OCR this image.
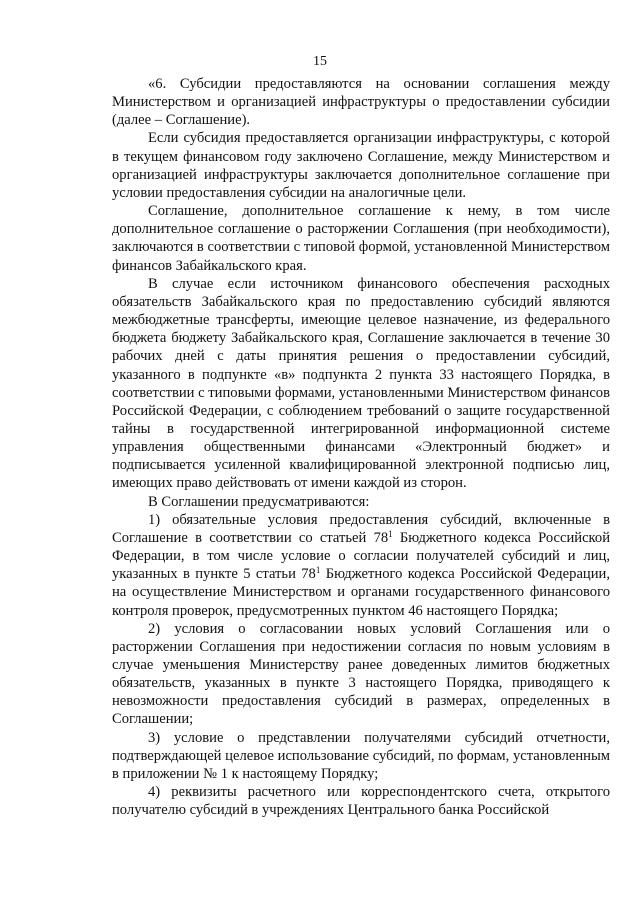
15

«6. Субсидии предоставляются на основании соглашения между Министерством и организацией инфраструктуры о предоставлении субсидии (далее – Соглашение).

Если субсидия предоставляется организации инфраструктуры, с которой в текущем финансовом году заключено Соглашение, между Министерством и организацией инфраструктуры заключается дополнительное соглашение при условии предоставления субсидии на аналогичные цели.

Соглашение, дополнительное соглашение к нему, в том числе дополнительное соглашение о расторжении Соглашения (при необходимости), заключаются в соответствии с типовой формой, установленной Министерством финансов Забайкальского края.

В случае если источником финансового обеспечения расходных обязательств Забайкальского края по предоставлению субсидий являются межбюджетные трансферты, имеющие целевое назначение, из федерального бюджета бюджету Забайкальского края, Соглашение заключается в течение 30 рабочих дней с даты принятия решения о предоставлении субсидий, указанного в подпункте «в» подпункта 2 пункта 33 настоящего Порядка, в соответствии с типовыми формами, установленными Министерством финансов Российской Федерации, с соблюдением требований о защите государственной тайны в государственной интегрированной информационной системе управления общественными финансами «Электронный бюджет» и подписывается усиленной квалифицированной электронной подписью лиц, имеющих право действовать от имени каждой из сторон.

В Соглашении предусматриваются:

1) обязательные условия предоставления субсидий, включенные в Соглашение в соответствии со статьей $78^1$ Бюджетного кодекса Российской Федерации, в том числе условие о согласии получателей субсидий и лиц, указанных в пункте 5 статьи $78^1$ Бюджетного кодекса Российской Федерации, на осуществление Министерством и органами государственного финансового контроля проверок, предусмотренных пунктом 46 настоящего Порядка;

2) условия о согласовании новых условий Соглашения или о расторжении Соглашения при недостижении согласия по новым условиям в случае уменьшения Министерству ранее доведенных лимитов бюджетных обязательств, указанных в пункте 3 настоящего Порядка, приводящего к невозможности предоставления субсидий в размерах, определенных в Соглашении;

3) условие о представлении получателями субсидий отчетности, подтверждающей целевое использование субсидий, по формам, установленным в приложении № 1 к настоящему Порядку;

4) реквизиты расчетного или корреспондентского счета, открытого получателю субсидий в учреждениях Центрального банка Российской
